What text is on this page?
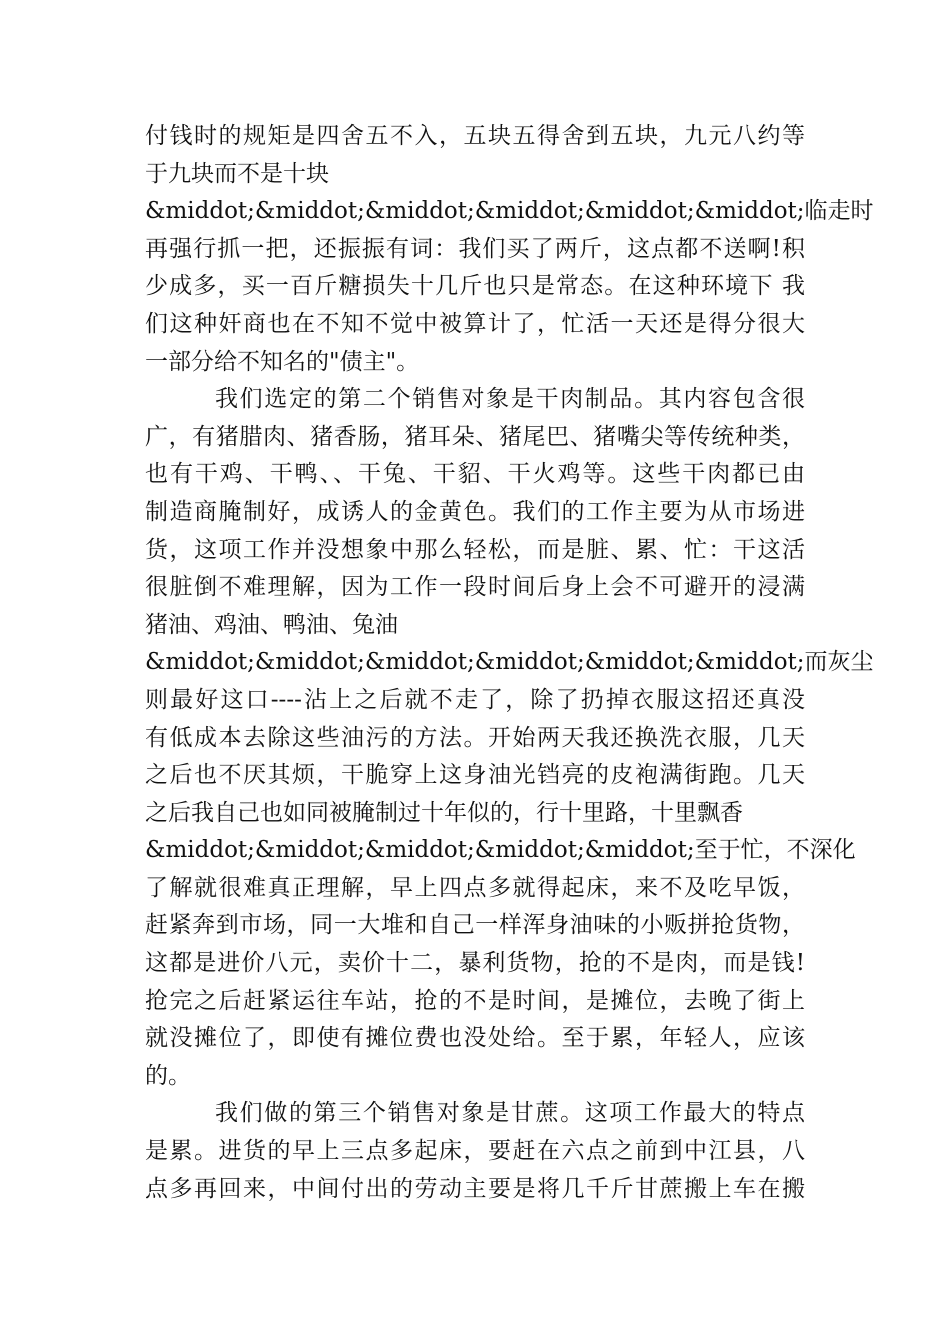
付钱时的规矩是四舍五不入，五块五得舍到五块，九元八约等
于九块而不是十块
&middot;&middot;&middot;&middot;&middot;&middot;临走时
再强行抓一把，还振振有词：我们买了两斤，这点都不送啊!积
少成多，买一百斤糖损失十几斤也只是常态。在这种环境下 我
们这种奸商也在不知不觉中被算计了，忙活一天还是得分很大
一部分给不知名的"债主"。
我们选定的第二个销售对象是干肉制品。其内容包含很
广，有猪腊肉、猪香肠，猪耳朵、猪尾巴、猪嘴尖等传统种类，
也有干鸡、干鸭、、干兔、干貂、干火鸡等。这些干肉都已由
制造商腌制好，成诱人的金黄色。我们的工作主要为从市场进
货，这项工作并没想象中那么轻松，而是脏、累、忙：干这活
很脏倒不难理解，因为工作一段时间后身上会不可避开的浸满
猪油、鸡油、鸭油、兔油
&middot;&middot;&middot;&middot;&middot;&middot;而灰尘
则最好这口----沾上之后就不走了，除了扔掉衣服这招还真没
有低成本去除这些油污的方法。开始两天我还换洗衣服，几天
之后也不厌其烦，干脆穿上这身油光铛亮的皮袍满街跑。几天
之后我自己也如同被腌制过十年似的，行十里路，十里飘香
&middot;&middot;&middot;&middot;&middot;至于忙，不深化
了解就很难真正理解，早上四点多就得起床，来不及吃早饭，
赶紧奔到市场，同一大堆和自己一样浑身油味的小贩拼抢货物，
这都是进价八元，卖价十二，暴利货物，抢的不是肉，而是钱!
抢完之后赶紧运往车站，抢的不是时间，是摊位，去晚了街上
就没摊位了，即使有摊位费也没处给。至于累，年轻人，应该
的。
我们做的第三个销售对象是甘蔗。这项工作最大的特点
是累。进货的早上三点多起床，要赶在六点之前到中江县，八
点多再回来，中间付出的劳动主要是将几千斤甘蔗搬上车在搬
